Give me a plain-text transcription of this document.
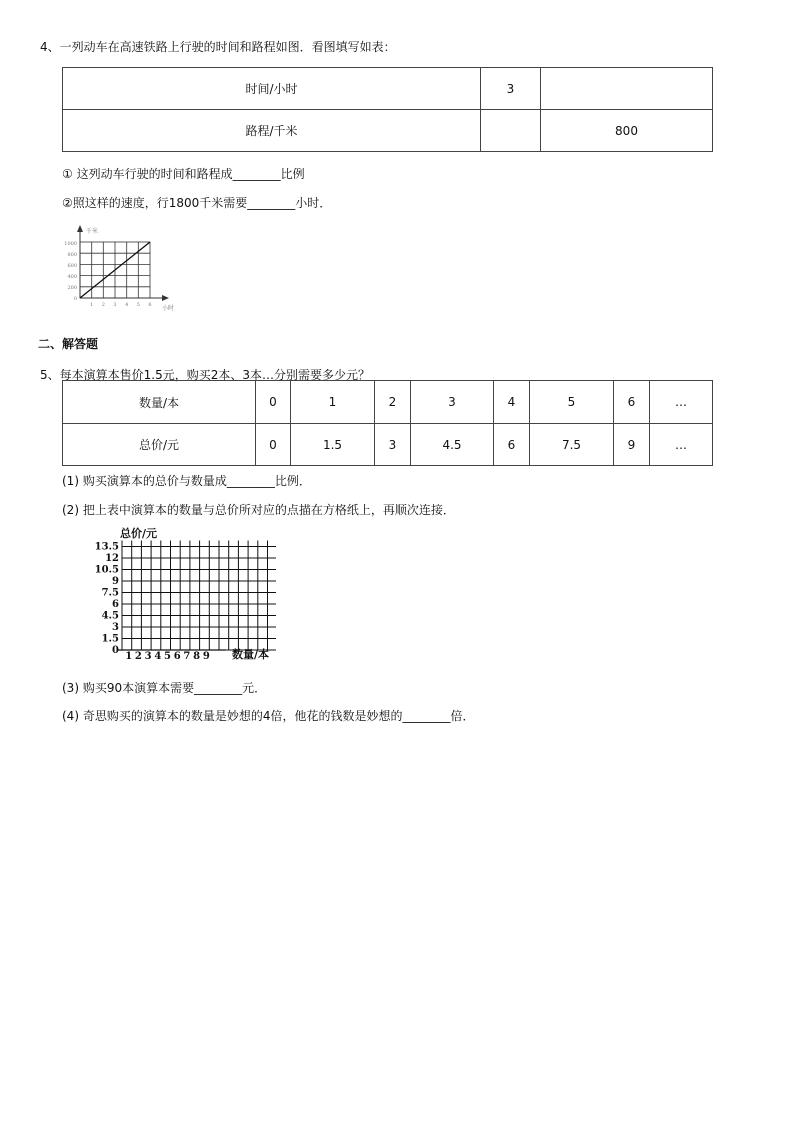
4、一列动车在高速铁路上行驶的时间和路程如图．看图填写如表：
时间/小时	3	
路程/千米		800
① 这列动车行驶的时间和路程成________比例
②照这样的速度，行1800千米需要________小时．
千米
小时
0
200
400
600
800
1000
1 2 3 4 5 6
二、解答题
5、每本演算本售价1.5元，购买2本、3本…分别需要多少元？
数量/本	0	1	2	3	4	5	6	…
总价/元	0	1.5	3	4.5	6	7.5	9	…
(1) 购买演算本的总价与数量成________比例．
(2) 把上表中演算本的数量与总价所对应的点描在方格纸上，再顺次连接．
总价/元
0
1.5
3
4.5
6
7.5
9
10.5
12
13.5
1 2 3 4 5 6 7 8 9 数量/本
(3) 购买90本演算本需要________元．
(4) 奇思购买的演算本的数量是妙想的4倍，他花的钱数是妙想的________倍．
